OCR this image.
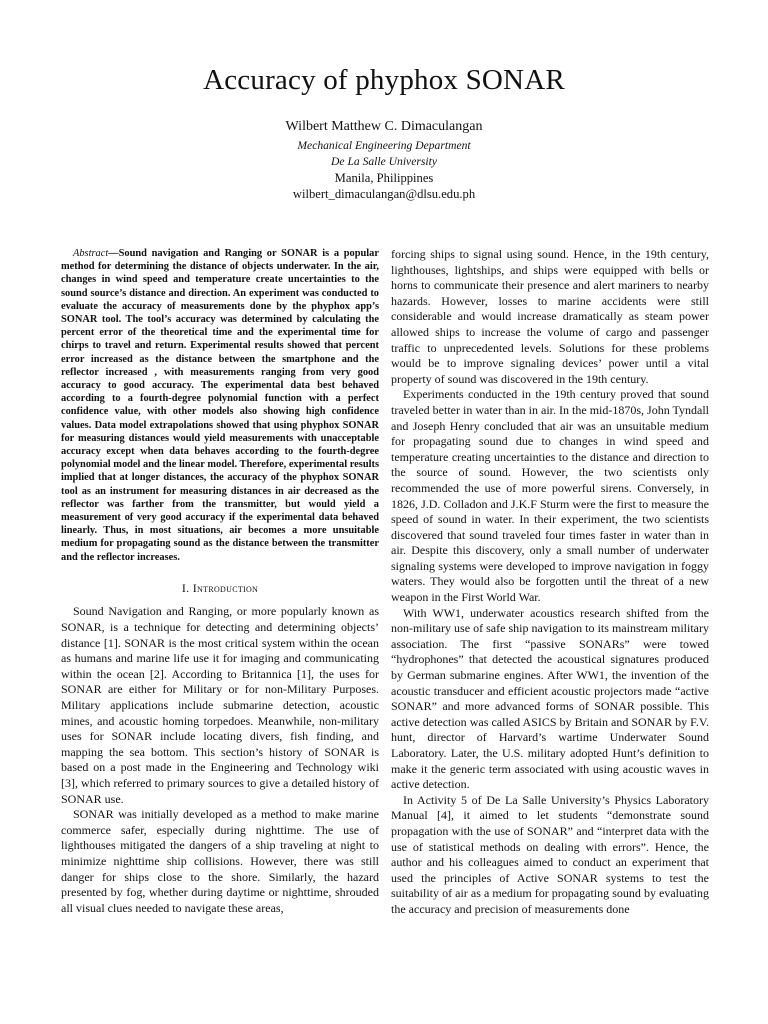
Accuracy of phyphox SONAR
Wilbert Matthew C. Dimaculangan
Mechanical Engineering Department
De La Salle University
Manila, Philippines
wilbert_dimaculangan@dlsu.edu.ph

Abstract—Sound navigation and Ranging or SONAR is a popular method for determining the distance of objects underwater. In the air, changes in wind speed and temperature create uncertainties to the sound source’s distance and direction. An experiment was conducted to evaluate the accuracy of measurements done by the phyphox app’s SONAR tool. The tool’s accuracy was determined by calculating the percent error of the theoretical time and the experimental time for chirps to travel and return. Experimental results showed that percent error increased as the distance between the smartphone and the reflector increased , with measurements ranging from very good accuracy to good accuracy. The experimental data best behaved according to a fourth-degree polynomial function with a perfect confidence value, with other models also showing high confidence values. Data model extrapolations showed that using phyphox SONAR for measuring distances would yield measurements with unacceptable accuracy except when data behaves according to the fourth-degree polynomial model and the linear model. Therefore, experimental results implied that at longer distances, the accuracy of the phyphox SONAR tool as an instrument for measuring distances in air decreased as the reflector was farther from the transmitter, but would yield a measurement of very good accuracy if the experimental data behaved linearly. Thus, in most situations, air becomes a more unsuitable medium for propagating sound as the distance between the transmitter and the reflector increases.

I. Introduction

Sound Navigation and Ranging, or more popularly known as SONAR, is a technique for detecting and determining objects’ distance [1]. SONAR is the most critical system within the ocean as humans and marine life use it for imaging and communicating within the ocean [2]. According to Britannica [1], the uses for SONAR are either for Military or for non-Military Purposes. Military applications include submarine detection, acoustic mines, and acoustic homing torpedoes. Meanwhile, non-military uses for SONAR include locating divers, fish finding, and mapping the sea bottom. This section’s history of SONAR is based on a post made in the Engineering and Technology wiki [3], which referred to primary sources to give a detailed history of SONAR use.

SONAR was initially developed as a method to make marine commerce safer, especially during nighttime. The use of lighthouses mitigated the dangers of a ship traveling at night to minimize nighttime ship collisions. However, there was still danger for ships close to the shore. Similarly, the hazard presented by fog, whether during daytime or nighttime, shrouded all visual clues needed to navigate these areas,

forcing ships to signal using sound. Hence, in the 19th century, lighthouses, lightships, and ships were equipped with bells or horns to communicate their presence and alert mariners to nearby hazards. However, losses to marine accidents were still considerable and would increase dramatically as steam power allowed ships to increase the volume of cargo and passenger traffic to unprecedented levels. Solutions for these problems would be to improve signaling devices’ power until a vital property of sound was discovered in the 19th century.

Experiments conducted in the 19th century proved that sound traveled better in water than in air. In the mid-1870s, John Tyndall and Joseph Henry concluded that air was an unsuitable medium for propagating sound due to changes in wind speed and temperature creating uncertainties to the distance and direction to the source of sound. However, the two scientists only recommended the use of more powerful sirens. Conversely, in 1826, J.D. Colladon and J.K.F Sturm were the first to measure the speed of sound in water. In their experiment, the two scientists discovered that sound traveled four times faster in water than in air. Despite this discovery, only a small number of underwater signaling systems were developed to improve navigation in foggy waters. They would also be forgotten until the threat of a new weapon in the First World War.

With WW1, underwater acoustics research shifted from the non-military use of safe ship navigation to its mainstream military association. The first “passive SONARs” were towed “hydrophones” that detected the acoustical signatures produced by German submarine engines. After WW1, the invention of the acoustic transducer and efficient acoustic projectors made “active SONAR” and more advanced forms of SONAR possible. This active detection was called ASICS by Britain and SONAR by F.V. hunt, director of Harvard’s wartime Underwater Sound Laboratory. Later, the U.S. military adopted Hunt’s definition to make it the generic term associated with using acoustic waves in active detection.

In Activity 5 of De La Salle University’s Physics Laboratory Manual [4], it aimed to let students “demonstrate sound propagation with the use of SONAR” and “interpret data with the use of statistical methods on dealing with errors”. Hence, the author and his colleagues aimed to conduct an experiment that used the principles of Active SONAR systems to test the suitability of air as a medium for propagating sound by evaluating the accuracy and precision of measurements done
